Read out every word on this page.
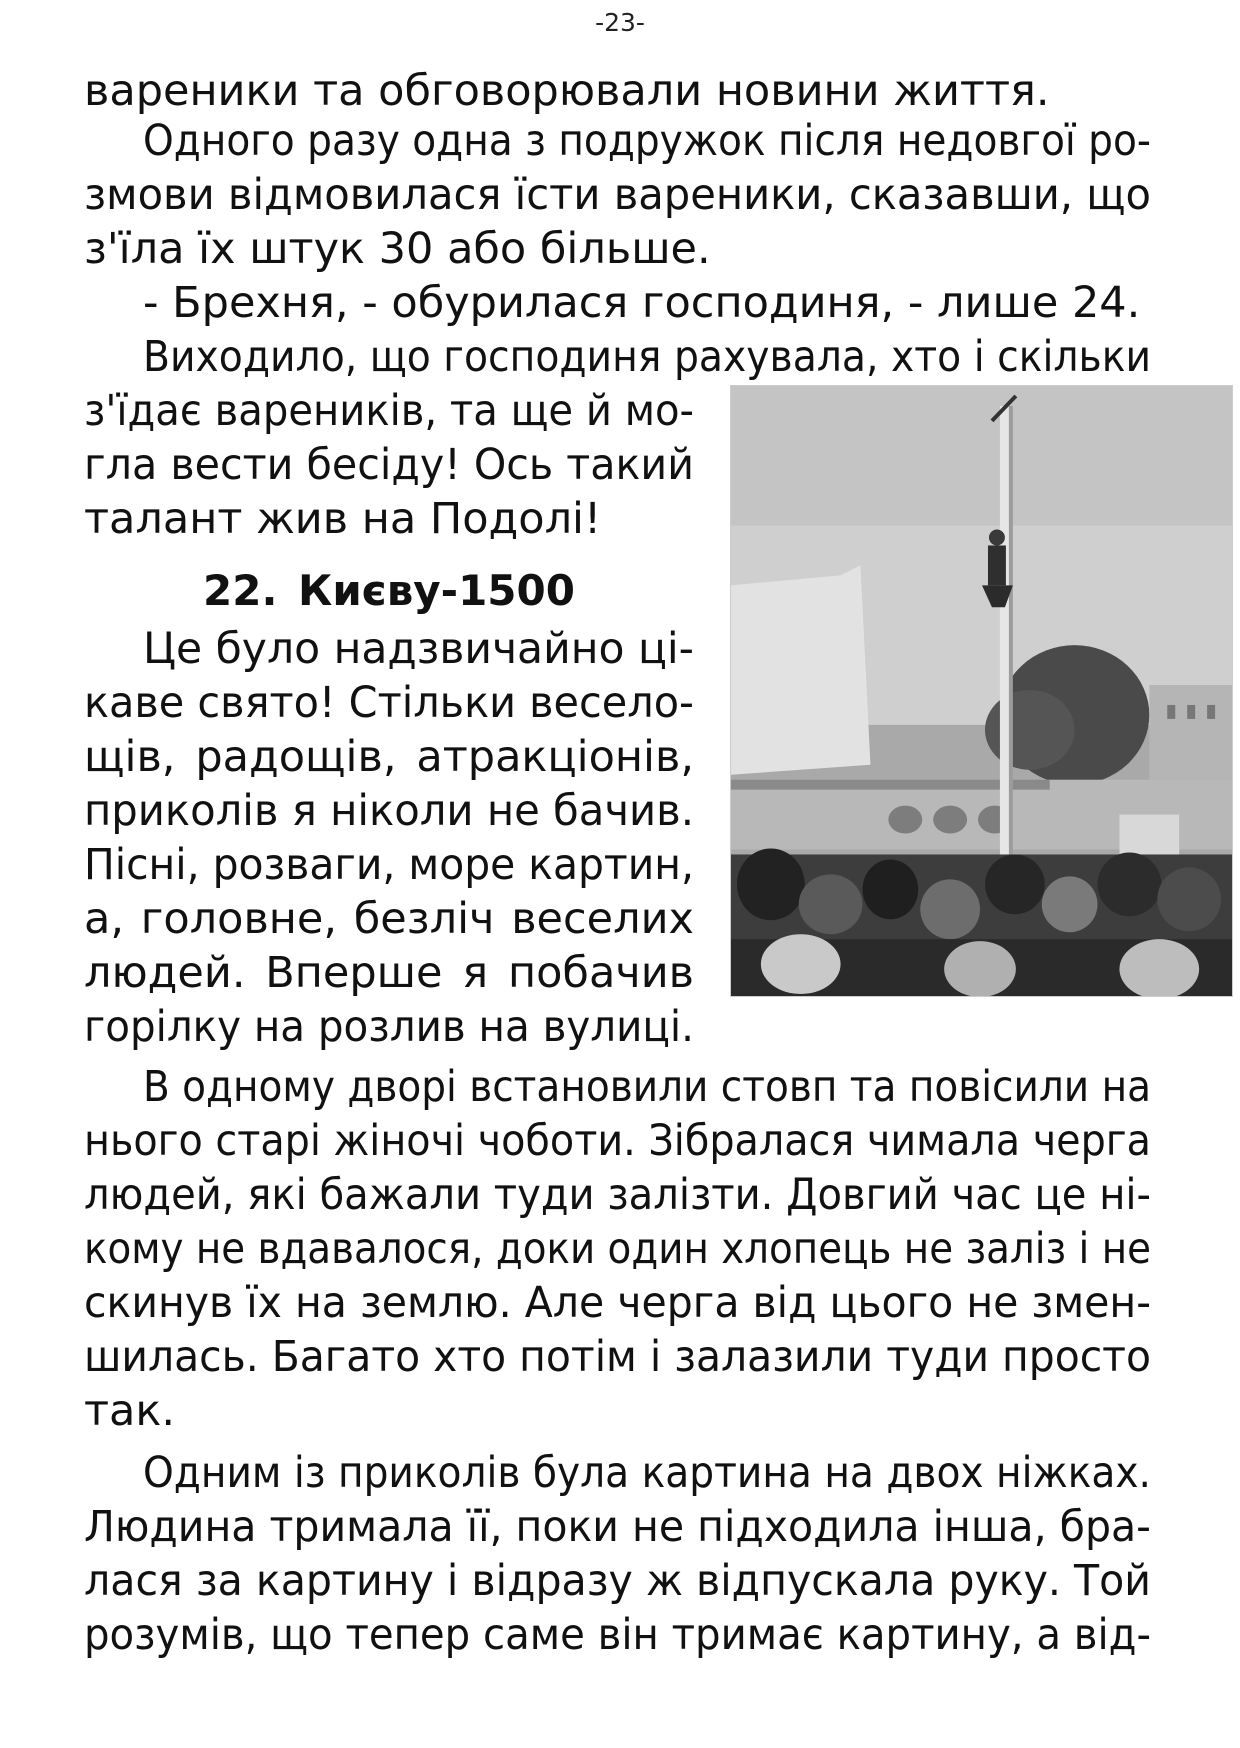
-23-
вареники та обговорювали новини життя.
Одного разу одна з подружок після недовгої ро-
змови відмовилася їсти вареники, сказавши, що
з'їла їх штук 30 або більше.
- Брехня, - обурилася господиня, - лише 24.
Виходило, що господиня рахувала, хто і скільки
з'їдає вареників, та ще й мо-
гла вести бесіду! Ось такий
талант жив на Подолі!
22. Києву-1500
Це було надзвичайно ці-
каве свято! Стільки весело-
щів, радощів, атракціонів,
приколів я ніколи не бачив.
Пісні, розваги, море картин,
а, головне, безліч веселих
людей. Вперше я побачив
горілку на розлив на вулиці.
В одному дворі встановили стовп та повісили на
нього старі жіночі чоботи. Зібралася чимала черга
людей, які бажали туди залізти. Довгий час це ні-
кому не вдавалося, доки один хлопець не заліз і не
скинув їх на землю. Але черга від цього не змен-
шилась. Багато хто потім і залазили туди просто
так.
Одним із приколів була картина на двох ніжках.
Людина тримала її, поки не підходила інша, бра-
лася за картину і відразу ж відпускала руку. Той
розумів, що тепер саме він тримає картину, а від-
